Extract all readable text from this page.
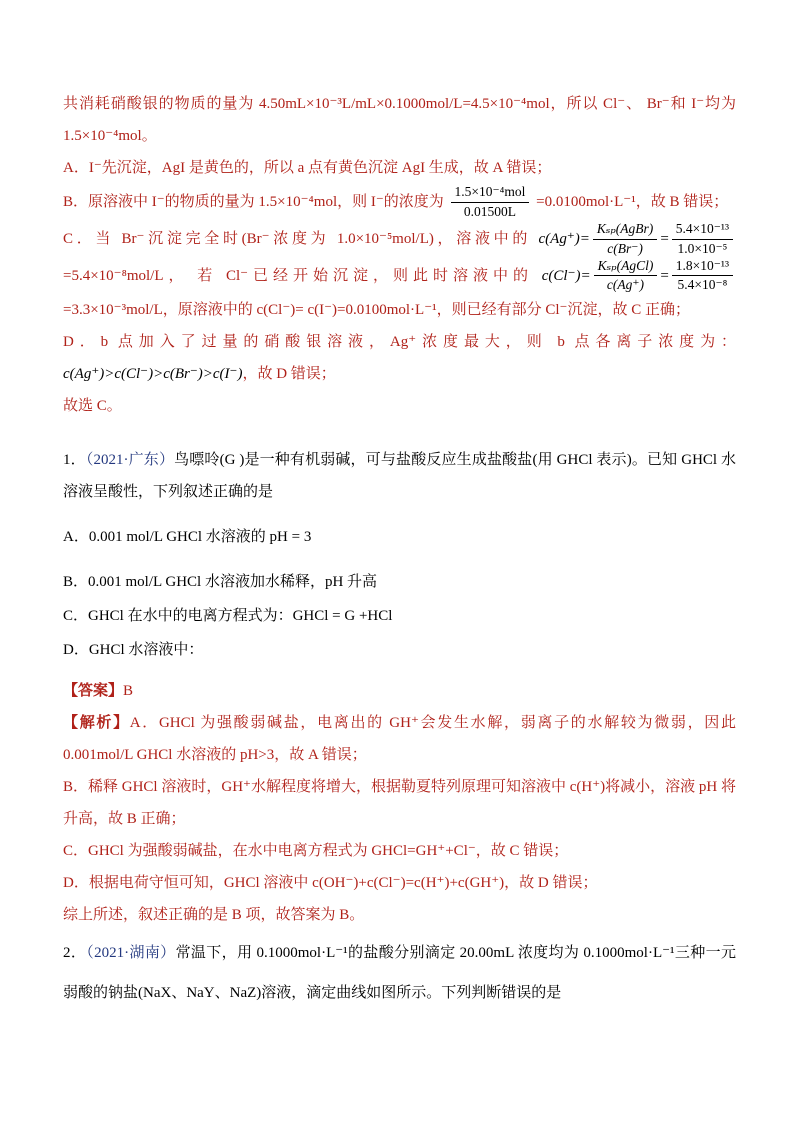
共消耗硝酸银的物质的量为 4.50mL×10⁻³L/mL×0.1000mol/L=4.5×10⁻⁴mol，所以 Cl⁻、 Br⁻和 I⁻均为 1.5×10⁻⁴mol。

A．I⁻先沉淀，AgI 是黄色的，所以 a 点有黄色沉淀 AgI 生成，故 A 错误；

B．原溶液中 I⁻的物质的量为 1.5×10⁻⁴mol，则 I⁻的浓度为 $\frac{\text{1.5×10⁻⁴mol}}{0.01500L} =0.0100mol\cdot L^{-1}$，故 B 错误；

C．当 Br⁻沉淀完全时(Br⁻浓度为 1.0×10⁻⁵mol/L)，溶液中的 $c(Ag^+)= \frac{\text{Kₛₚ(AgBr)}}{c(Br^-)} = \frac{\text{5.4×10⁻¹³}}{\text{1.0×10⁻⁵}}$
=5.4×10⁻⁸mol/L， 若 Cl⁻已经开始沉淀，则此时溶液中的 $c(Cl^-)= \frac{\text{Kₛₚ(AgCl)}}{c(Ag^+)} = \frac{\text{1.8×10⁻¹³}}{\text{5.4×10⁻⁸}}$
=3.3×10⁻³mol/L，原溶液中的 c(Cl⁻)= c(I⁻)=0.0100mol·L⁻¹，则已经有部分 Cl⁻沉淀，故 C 正确；

D．b 点加入了过量的硝酸银溶液，Ag⁺浓度最大，则 b 点各离子浓度为：c(Ag⁺)>c(Cl⁻)>c(Br⁻)>c(I⁻)，故 D 错误；

故选 C。

1．（2021·广东）鸟嘌呤(G )是一种有机弱碱，可与盐酸反应生成盐酸盐(用 GHCl 表示)。已知 GHCl 水溶液呈酸性，下列叙述正确的是

A．0.001 mol/L GHCl 水溶液的 pH = 3

B．0.001 mol/L GHCl 水溶液加水稀释，pH 升高

C．GHCl 在水中的电离方程式为：GHCl = G +HCl

D．GHCl 水溶液中：

【答案】B

【解析】A．GHCl 为强酸弱碱盐，电离出的 GH⁺会发生水解，弱离子的水解较为微弱，因此 0.001mol/L GHCl 水溶液的 pH>3，故 A 错误；

B．稀释 GHCl 溶液时，GH⁺水解程度将增大，根据勒夏特列原理可知溶液中 c(H⁺)将减小，溶液 pH 将升高，故 B 正确；

C．GHCl 为强酸弱碱盐，在水中电离方程式为 GHCl=GH⁺+Cl⁻，故 C 错误；

D．根据电荷守恒可知，GHCl 溶液中 c(OH⁻)+c(Cl⁻)=c(H⁺)+c(GH⁺)，故 D 错误；

综上所述，叙述正确的是 B 项，故答案为 B。

2．（2021·湖南）常温下，用 0.1000mol·L⁻¹的盐酸分别滴定 20.00mL 浓度均为 0.1000mol·L⁻¹三种一元弱酸的钠盐(NaX、NaY、NaZ)溶液，滴定曲线如图所示。下列判断错误的是
